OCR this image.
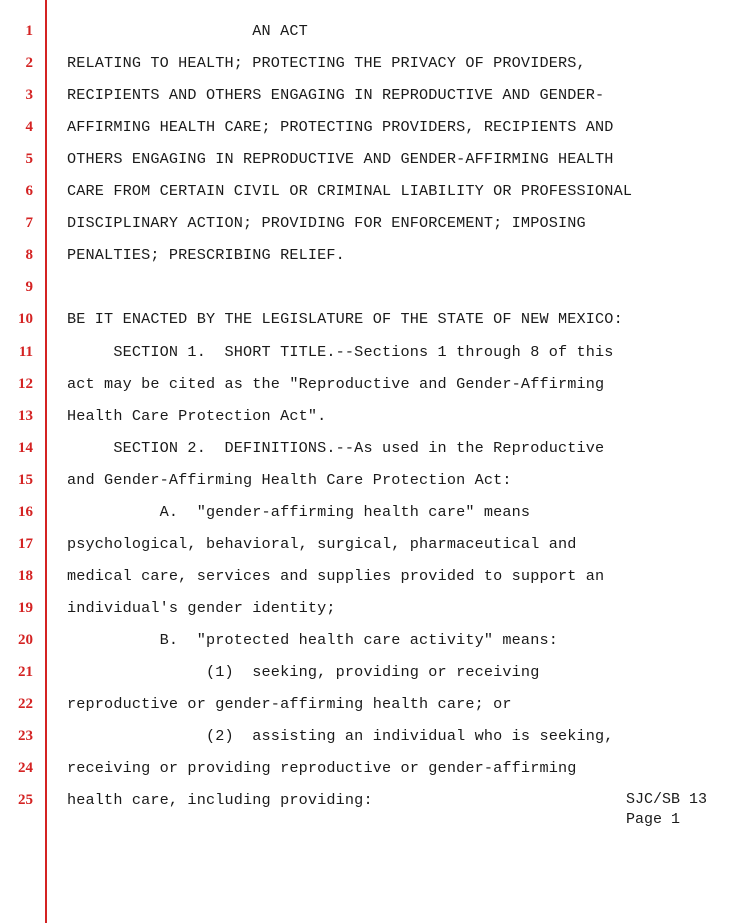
1 AN ACT
2 RELATING TO HEALTH; PROTECTING THE PRIVACY OF PROVIDERS,
3 RECIPIENTS AND OTHERS ENGAGING IN REPRODUCTIVE AND GENDER-
4 AFFIRMING HEALTH CARE; PROTECTING PROVIDERS, RECIPIENTS AND
5 OTHERS ENGAGING IN REPRODUCTIVE AND GENDER-AFFIRMING HEALTH
6 CARE FROM CERTAIN CIVIL OR CRIMINAL LIABILITY OR PROFESSIONAL
7 DISCIPLINARY ACTION; PROVIDING FOR ENFORCEMENT; IMPOSING
8 PENALTIES; PRESCRIBING RELIEF.
9
10 BE IT ENACTED BY THE LEGISLATURE OF THE STATE OF NEW MEXICO:
11 SECTION 1.  SHORT TITLE.--Sections 1 through 8 of this
12 act may be cited as the "Reproductive and Gender-Affirming
13 Health Care Protection Act".
14 SECTION 2.  DEFINITIONS.--As used in the Reproductive
15 and Gender-Affirming Health Care Protection Act:
16 A.  "gender-affirming health care" means
17 psychological, behavioral, surgical, pharmaceutical and
18 medical care, services and supplies provided to support an
19 individual's gender identity;
20 B.  "protected health care activity" means:
21 (1)  seeking, providing or receiving
22 reproductive or gender-affirming health care; or
23 (2)  assisting an individual who is seeking,
24 receiving or providing reproductive or gender-affirming
25 health care, including providing:	SJC/SB 13
Page 1
